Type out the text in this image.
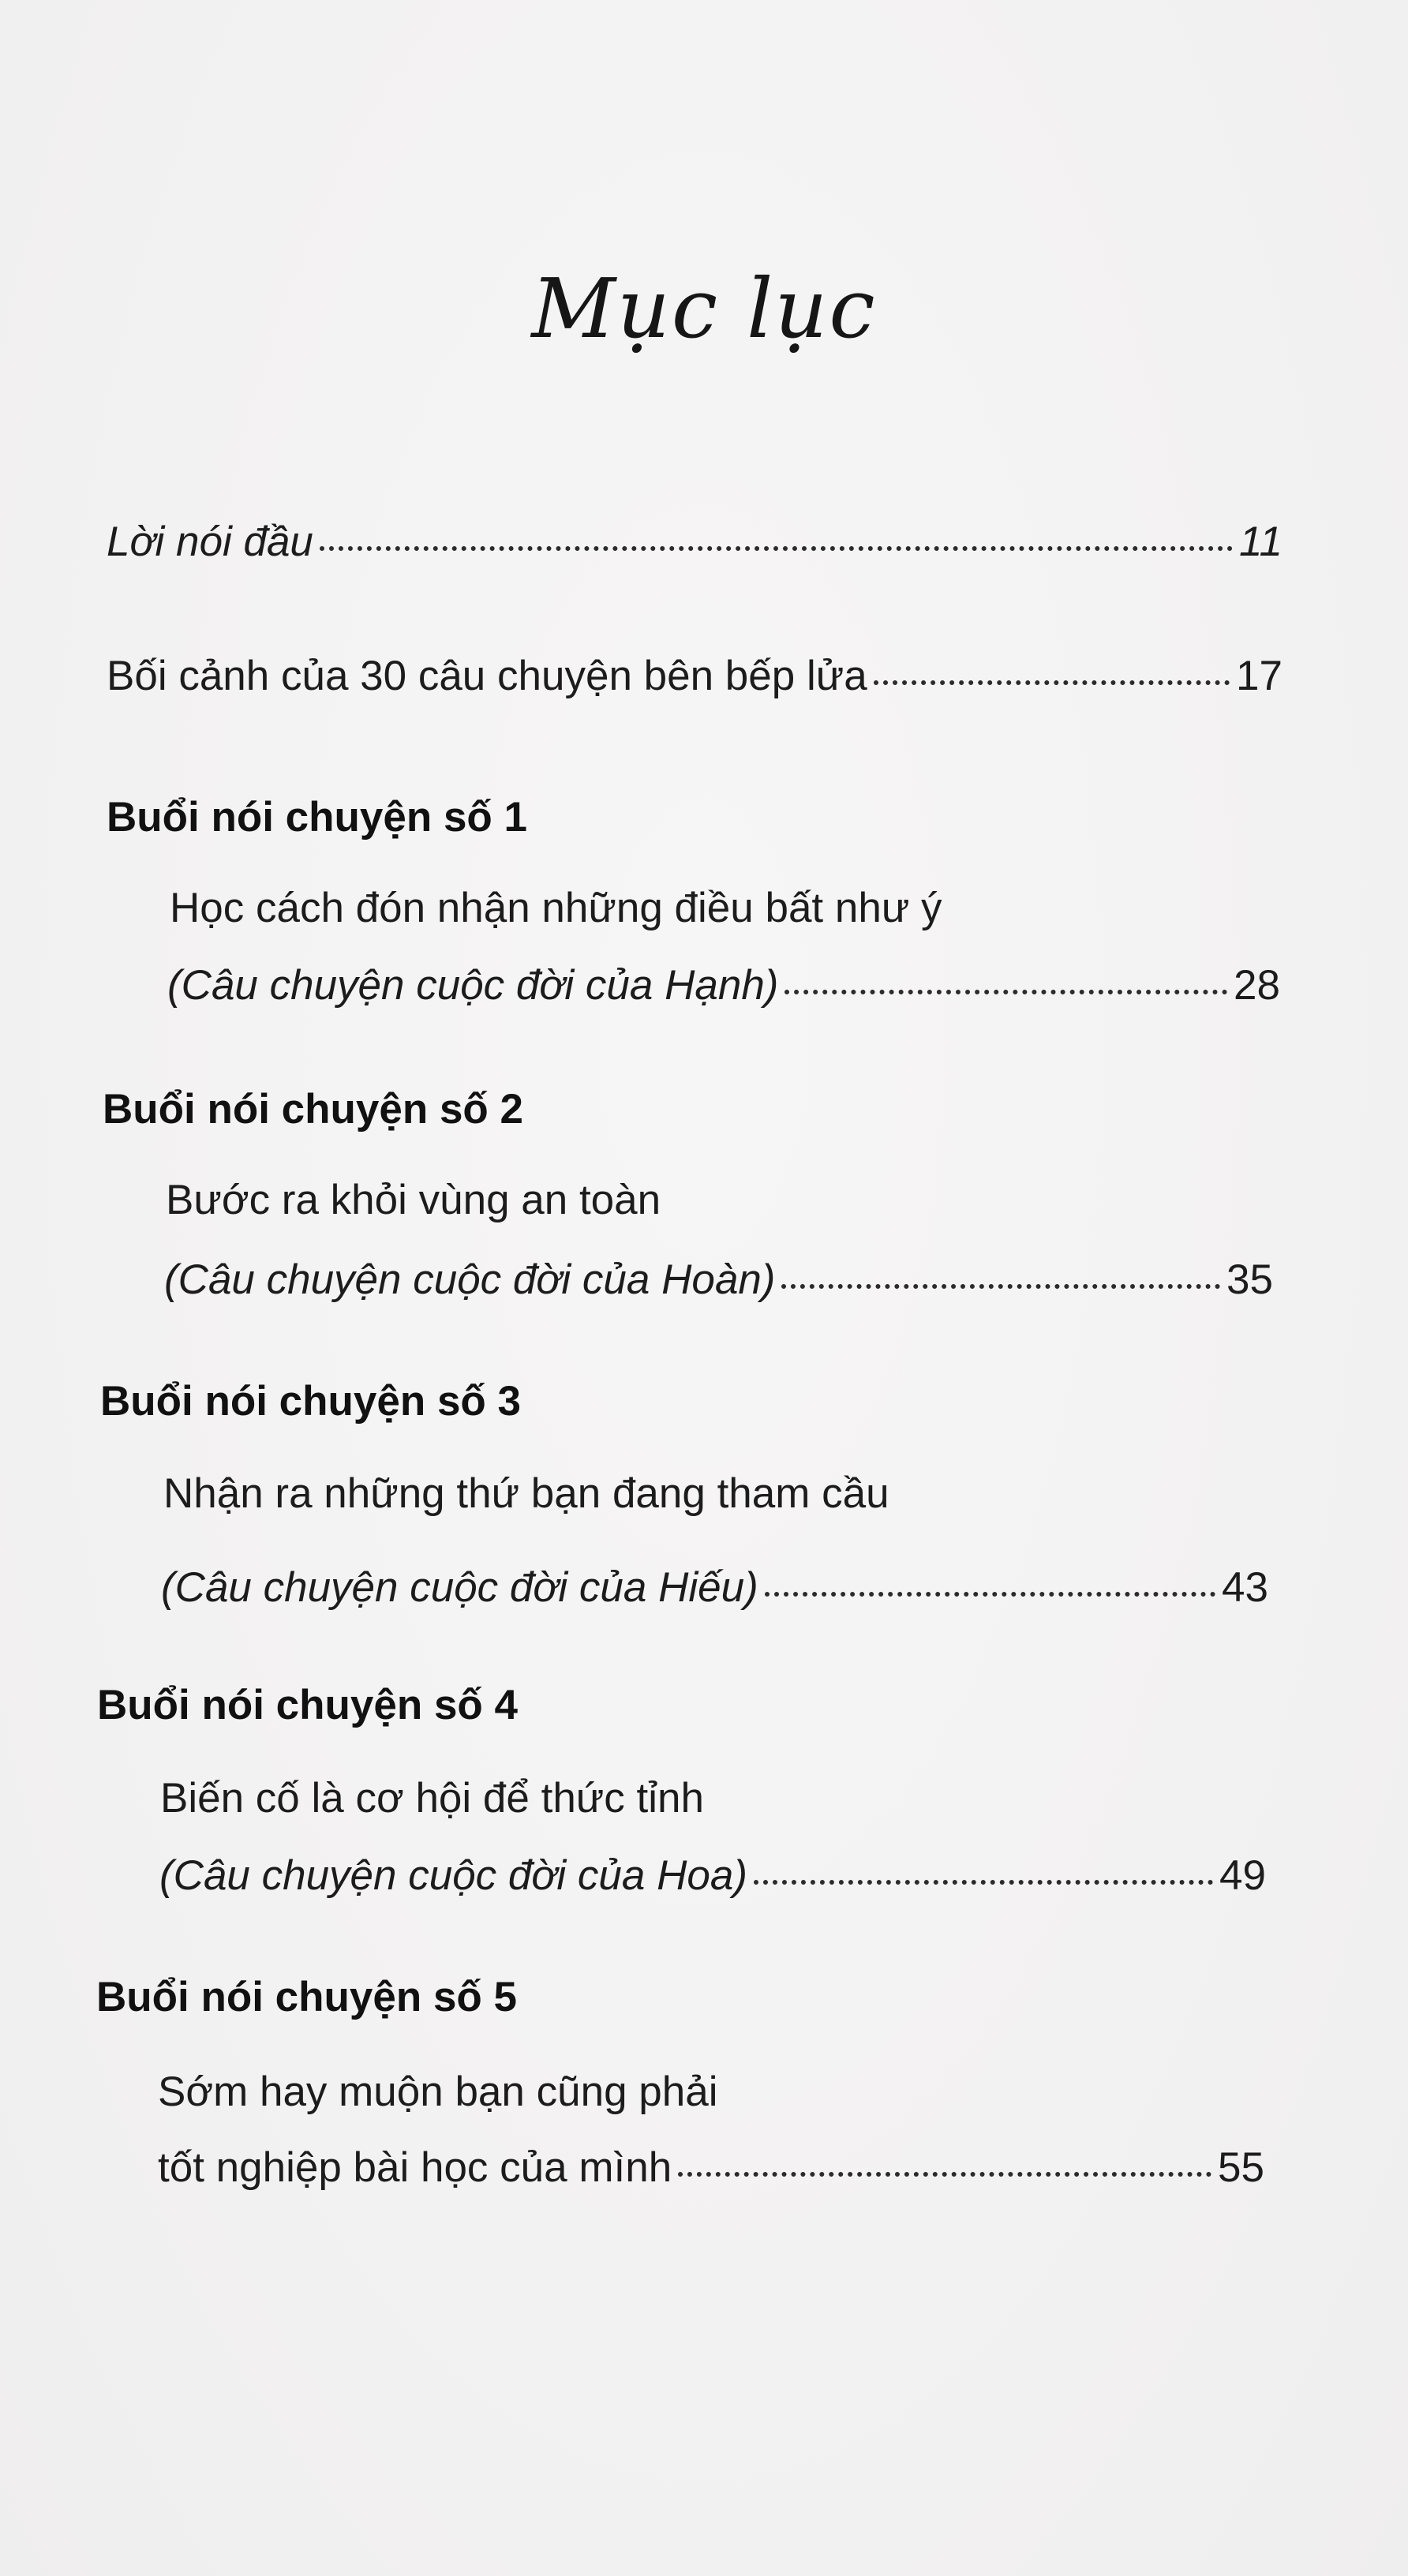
Mục lục
Lời nói đầu	11
Bối cảnh của 30 câu chuyện bên bếp lửa	17
Buổi nói chuyện số 1
Học cách đón nhận những điều bất như ý
(Câu chuyện cuộc đời của Hạnh)	28
Buổi nói chuyện số 2
Bước ra khỏi vùng an toàn
(Câu chuyện cuộc đời của Hoàn)	35
Buổi nói chuyện số 3
Nhận ra những thứ bạn đang tham cầu
(Câu chuyện cuộc đời của Hiếu)	43
Buổi nói chuyện số 4
Biến cố là cơ hội để thức tỉnh
(Câu chuyện cuộc đời của Hoa)	49
Buổi nói chuyện số 5
Sớm hay muộn bạn cũng phải
tốt nghiệp bài học của mình	55
